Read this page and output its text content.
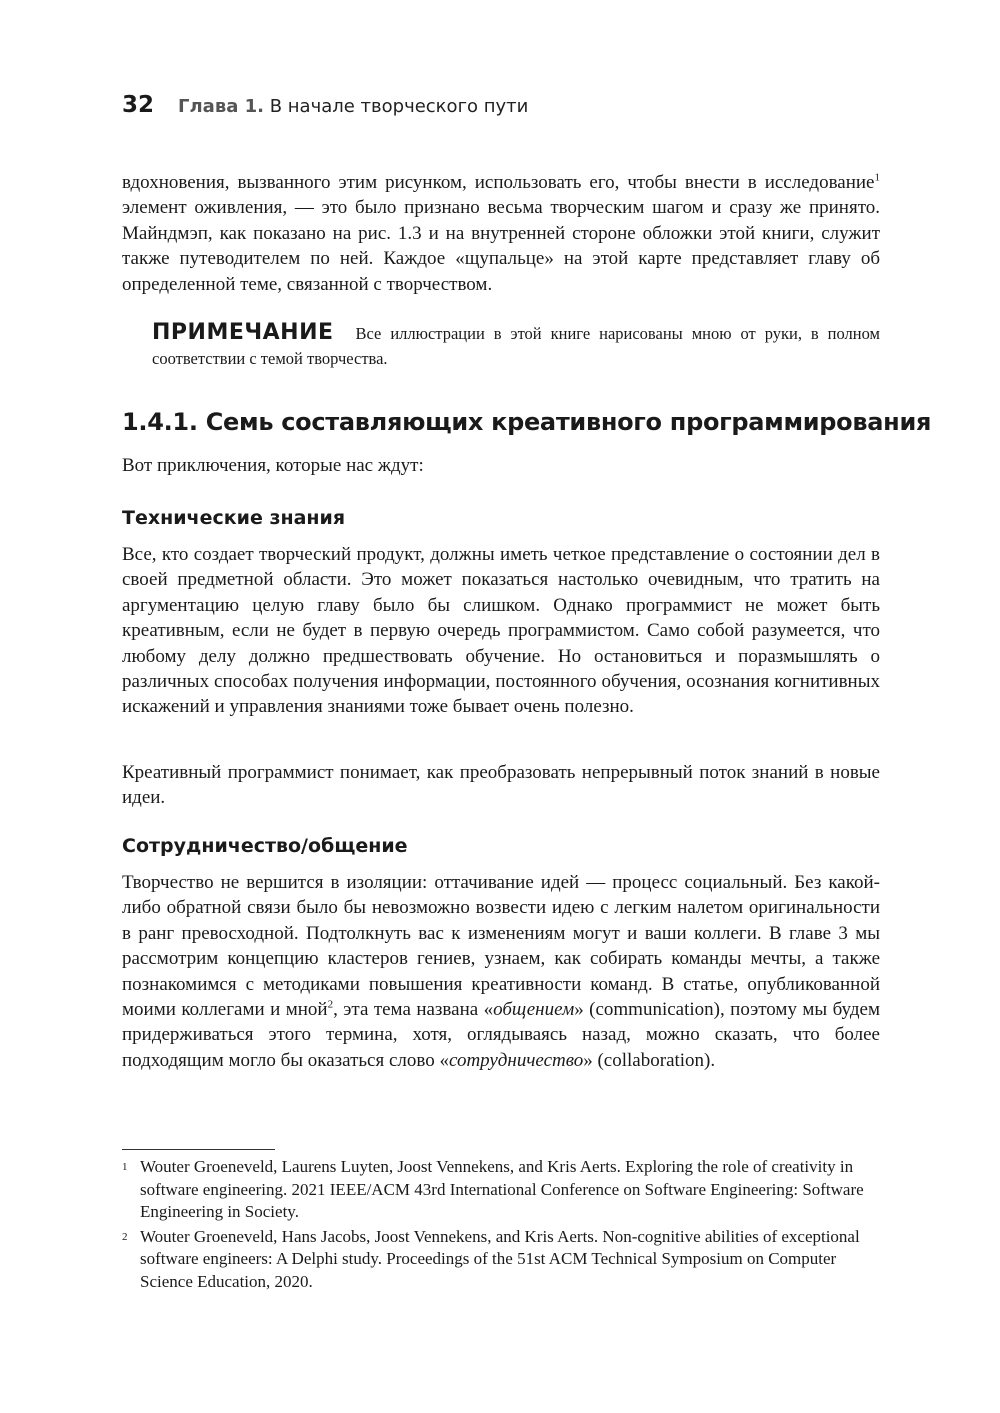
32 Глава 1. В начале творческого пути

вдохновения, вызванного этим рисунком, использовать его, чтобы внести в исследование$^1$ элемент оживления, — это было признано весьма творческим шагом и сразу же принято. Майндмэп, как показано на рис. 1.3 и на внутренней стороне обложки этой книги, служит также путеводителем по ней. Каждое «щупальце» на этой карте представляет главу об определенной теме, связанной с творчеством.

ПРИМЕЧАНИЕ Все иллюстрации в этой книге нарисованы мною от руки, в полном соответствии с темой творчества.
1.4.1. Семь составляющих креативного программирования

Вот приключения, которые нас ждут:

Технические знания

Все, кто создает творческий продукт, должны иметь четкое представление о состоянии дел в своей предметной области. Это может показаться настолько очевидным, что тратить на аргументацию целую главу было бы слишком. Однако программист не может быть креативным, если не будет в первую очередь программистом. Само собой разумеется, что любому делу должно предшествовать обучение. Но остановиться и поразмышлять о различных способах получения информации, постоянного обучения, осознания когнитивных искажений и управления знаниями тоже бывает очень полезно.

Креативный программист понимает, как преобразовать непрерывный поток знаний в новые идеи.

Сотрудничество/общение

Творчество не вершится в изоляции: оттачивание идей — процесс социальный. Без какой-либо обратной связи было бы невозможно возвести идею с легким налетом оригинальности в ранг превосходной. Подтолкнуть вас к изменениям могут и ваши коллеги. В главе 3 мы рассмотрим концепцию кластеров гениев, узнаем, как собирать команды мечты, а также познакомимся с методиками повышения креативности команд. В статье, опубликованной моими коллегами и мной$^2$, эта тема названа «общением» (communication), поэтому мы будем придерживаться этого термина, хотя, оглядываясь назад, можно сказать, что более подходящим могло бы оказаться слово «сотрудничество» (collaboration).

1 Wouter Groeneveld, Laurens Luyten, Joost Vennekens, and Kris Aerts. Exploring the role of creativity in software engineering. 2021 IEEE/ACM 43rd International Conference on Software Engineering: Software Engineering in Society.

2 Wouter Groeneveld, Hans Jacobs, Joost Vennekens, and Kris Aerts. Non-cognitive abilities of exceptional software engineers: A Delphi study. Proceedings of the 51st ACM Technical Symposium on Computer Science Education, 2020.
